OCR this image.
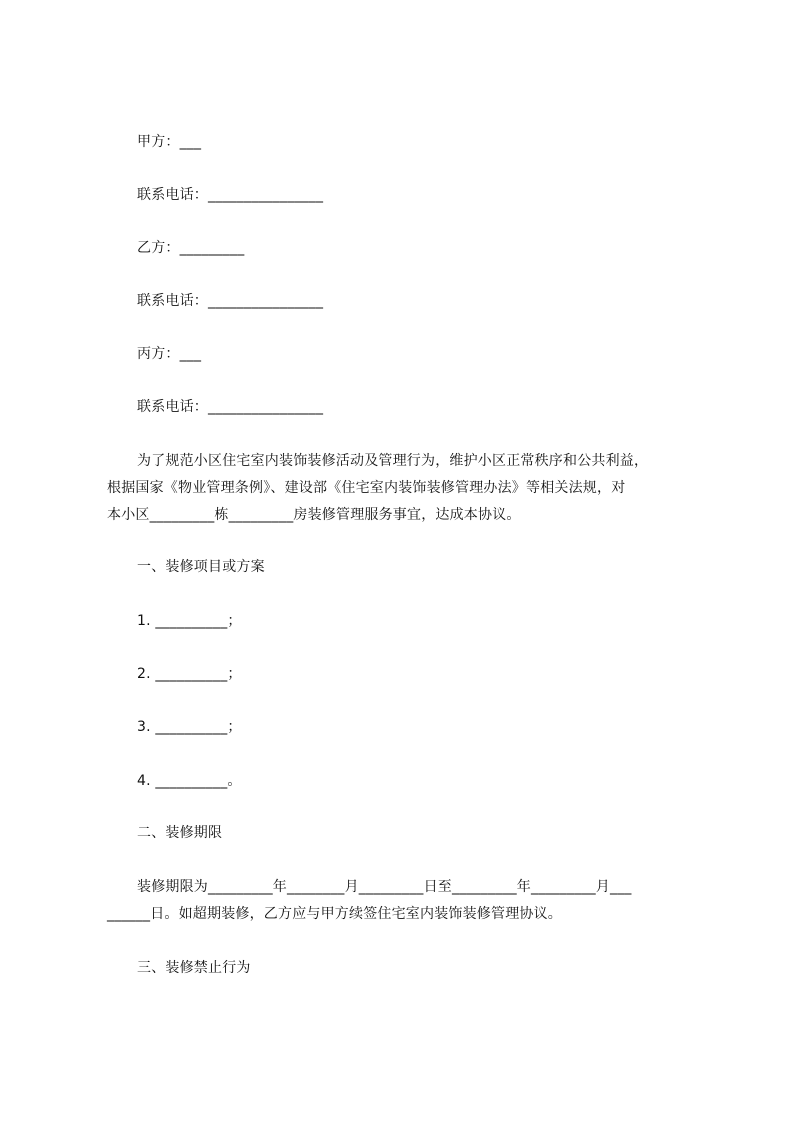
甲方：___
联系电话：________________
乙方：_________
联系电话：________________
丙方：___
联系电话：________________
为了规范小区住宅室内装饰装修活动及管理行为，维护小区正常秩序和公共利益，
根据国家《物业管理条例》、建设部《住宅室内装饰装修管理办法》等相关法规，对
本小区_________栋_________房装修管理服务事宜，达成本协议。
一、装修项目或方案
1. __________；
2. __________；
3. __________；
4. __________。
二、装修期限
装修期限为_________年________月_________日至_________年_________月___
______日。如超期装修，乙方应与甲方续签住宅室内装饰装修管理协议。
三、装修禁止行为
